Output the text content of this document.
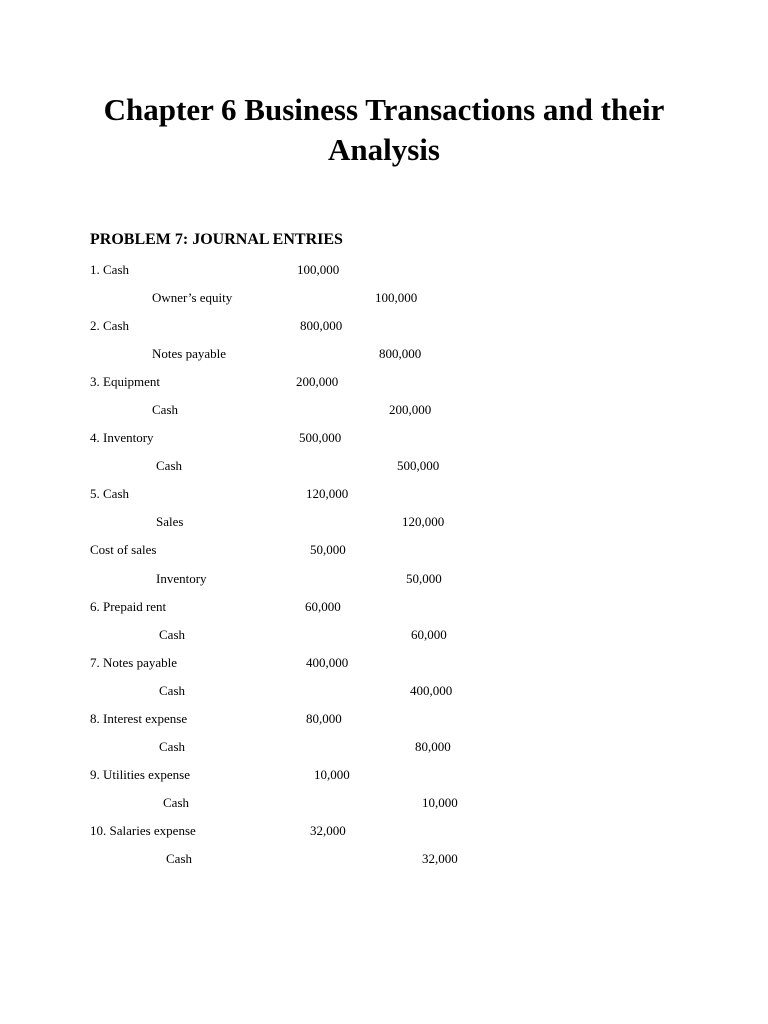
Chapter 6 Business Transactions and their Analysis
PROBLEM 7: JOURNAL ENTRIES
1. Cash	100,000
Owner’s equity	100,000
2. Cash	800,000
Notes payable	800,000
3. Equipment	200,000
Cash	200,000
4. Inventory	500,000
Cash	500,000
5. Cash	120,000
Sales	120,000
Cost of sales	50,000
Inventory	50,000
6. Prepaid rent	60,000
Cash	60,000
7. Notes payable	400,000
Cash	400,000
8. Interest expense	80,000
Cash	80,000
9. Utilities expense	10,000
Cash	10,000
10. Salaries expense	32,000
Cash	32,000
